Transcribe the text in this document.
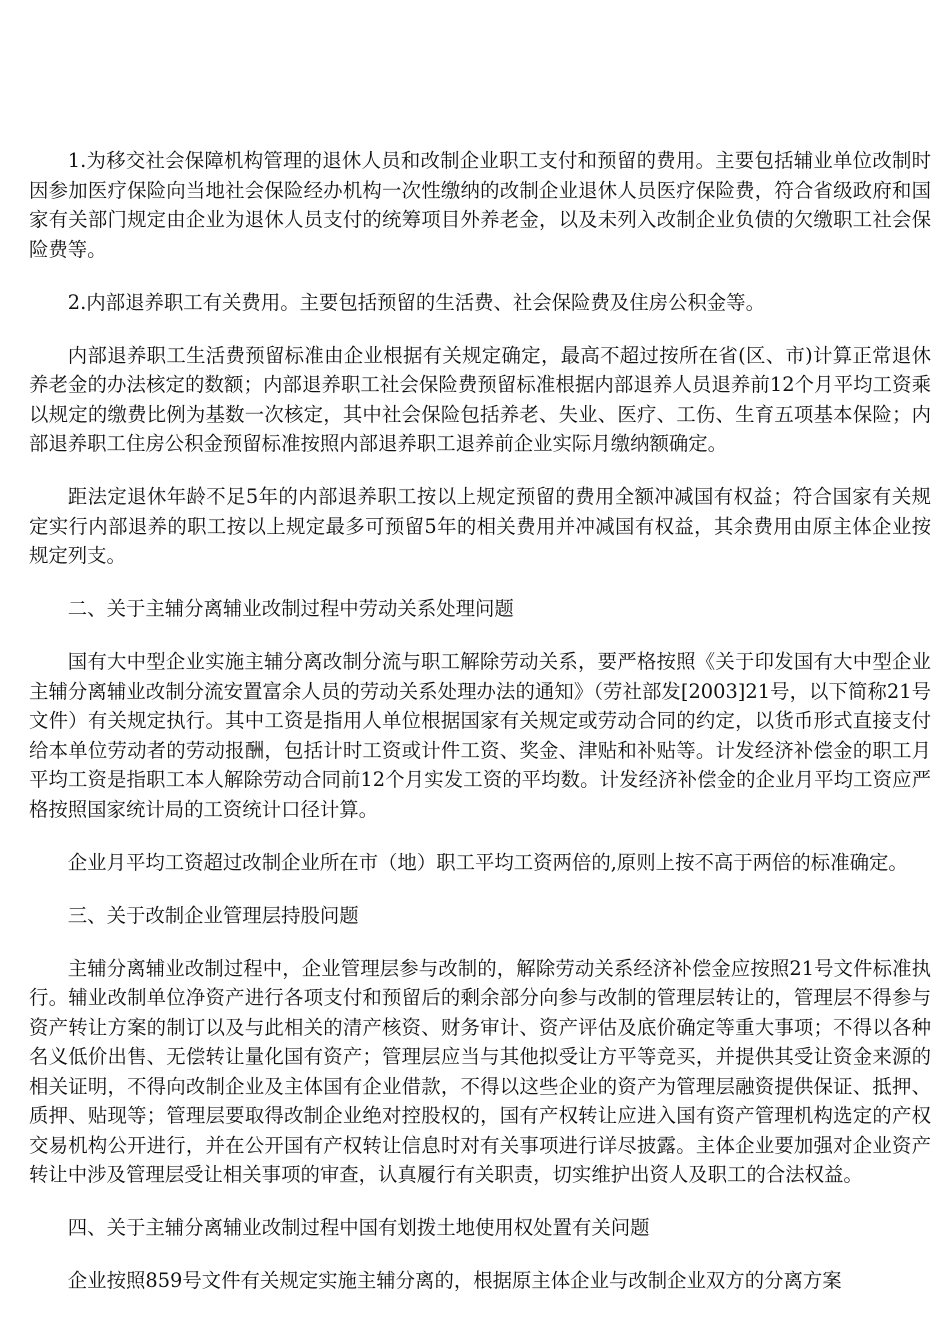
1.为移交社会保障机构管理的退休人员和改制企业职工支付和预留的费用。主要包括辅业单位改制时因参加医疗保险向当地社会保险经办机构一次性缴纳的改制企业退休人员医疗保险费，符合省级政府和国家有关部门规定由企业为退休人员支付的统筹项目外养老金，以及未列入改制企业负债的欠缴职工社会保险费等。

2.内部退养职工有关费用。主要包括预留的生活费、社会保险费及住房公积金等。

内部退养职工生活费预留标准由企业根据有关规定确定，最高不超过按所在省(区、市)计算正常退休养老金的办法核定的数额；内部退养职工社会保险费预留标准根据内部退养人员退养前12个月平均工资乘以规定的缴费比例为基数一次核定，其中社会保险包括养老、失业、医疗、工伤、生育五项基本保险；内部退养职工住房公积金预留标准按照内部退养职工退养前企业实际月缴纳额确定。

距法定退休年龄不足5年的内部退养职工按以上规定预留的费用全额冲减国有权益；符合国家有关规定实行内部退养的职工按以上规定最多可预留5年的相关费用并冲减国有权益，其余费用由原主体企业按规定列支。

二、关于主辅分离辅业改制过程中劳动关系处理问题

国有大中型企业实施主辅分离改制分流与职工解除劳动关系，要严格按照《关于印发国有大中型企业主辅分离辅业改制分流安置富余人员的劳动关系处理办法的通知》（劳社部发[2003]21号，以下简称21号文件）有关规定执行。其中工资是指用人单位根据国家有关规定或劳动合同的约定，以货币形式直接支付给本单位劳动者的劳动报酬，包括计时工资或计件工资、奖金、津贴和补贴等。计发经济补偿金的职工月平均工资是指职工本人解除劳动合同前12个月实发工资的平均数。计发经济补偿金的企业月平均工资应严格按照国家统计局的工资统计口径计算。

企业月平均工资超过改制企业所在市（地）职工平均工资两倍的,原则上按不高于两倍的标准确定。

三、关于改制企业管理层持股问题

主辅分离辅业改制过程中，企业管理层参与改制的，解除劳动关系经济补偿金应按照21号文件标准执行。辅业改制单位净资产进行各项支付和预留后的剩余部分向参与改制的管理层转让的，管理层不得参与资产转让方案的制订以及与此相关的清产核资、财务审计、资产评估及底价确定等重大事项；不得以各种名义低价出售、无偿转让量化国有资产；管理层应当与其他拟受让方平等竞买，并提供其受让资金来源的相关证明，不得向改制企业及主体国有企业借款，不得以这些企业的资产为管理层融资提供保证、抵押、质押、贴现等；管理层要取得改制企业绝对控股权的，国有产权转让应进入国有资产管理机构选定的产权交易机构公开进行，并在公开国有产权转让信息时对有关事项进行详尽披露。主体企业要加强对企业资产转让中涉及管理层受让相关事项的审查，认真履行有关职责，切实维护出资人及职工的合法权益。

四、关于主辅分离辅业改制过程中国有划拨土地使用权处置有关问题

企业按照859号文件有关规定实施主辅分离的，根据原主体企业与改制企业双方的分离方案
